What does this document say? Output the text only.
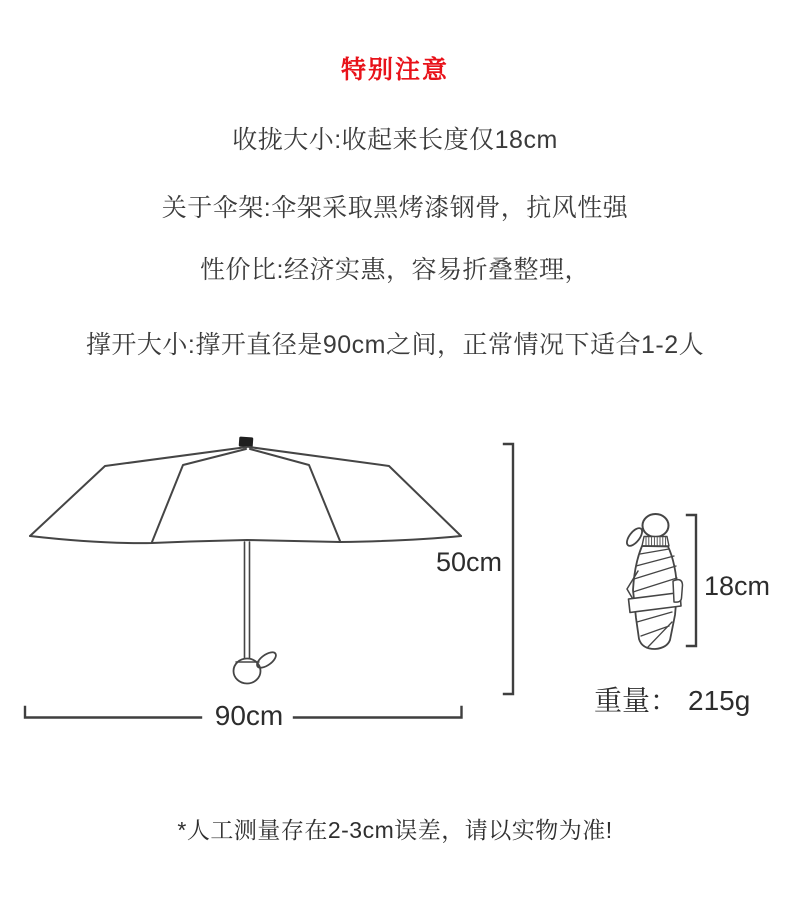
特别注意
收拢大小:收起来长度仅18cm
关于伞架:伞架采取黑烤漆钢骨，抗风性强
性价比:经济实惠，容易折叠整理，
撑开大小:撑开直径是90cm之间，正常情况下适合1-2人
50cm
90cm
18cm
重量： 215g
*人工测量存在2-3cm误差，请以实物为准!
